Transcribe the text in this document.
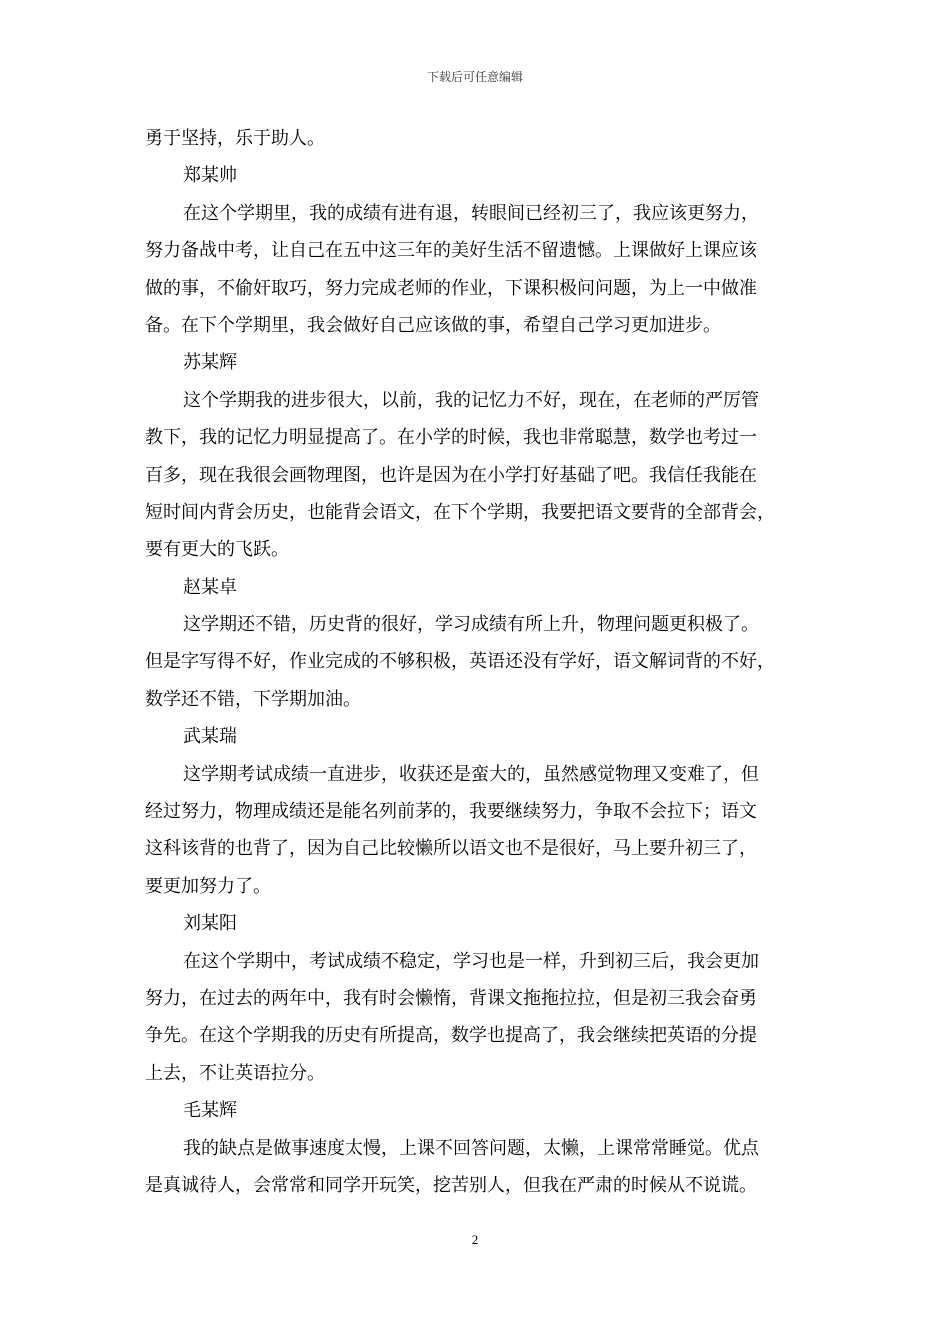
下载后可任意编辑
勇于坚持，乐于助人。
郑某帅
在这个学期里，我的成绩有进有退，转眼间已经初三了，我应该更努力，
努力备战中考，让自己在五中这三年的美好生活不留遗憾。上课做好上课应该
做的事，不偷奸取巧，努力完成老师的作业，下课积极问问题，为上一中做准
备。在下个学期里，我会做好自己应该做的事，希望自己学习更加进步。
苏某辉
这个学期我的进步很大，以前，我的记忆力不好，现在，在老师的严厉管
教下，我的记忆力明显提高了。在小学的时候，我也非常聪慧，数学也考过一
百多，现在我很会画物理图，也许是因为在小学打好基础了吧。我信任我能在
短时间内背会历史，也能背会语文，在下个学期，我要把语文要背的全部背会，
要有更大的飞跃。
赵某卓
这学期还不错，历史背的很好，学习成绩有所上升，物理问题更积极了。
但是字写得不好，作业完成的不够积极，英语还没有学好，语文解词背的不好，
数学还不错，下学期加油。
武某瑞
这学期考试成绩一直进步，收获还是蛮大的，虽然感觉物理又变难了，但
经过努力，物理成绩还是能名列前茅的，我要继续努力，争取不会拉下；语文
这科该背的也背了，因为自己比较懒所以语文也不是很好，马上要升初三了，
要更加努力了。
刘某阳
在这个学期中，考试成绩不稳定，学习也是一样，升到初三后，我会更加
努力，在过去的两年中，我有时会懒惰，背课文拖拖拉拉，但是初三我会奋勇
争先。在这个学期我的历史有所提高，数学也提高了，我会继续把英语的分提
上去，不让英语拉分。
毛某辉
我的缺点是做事速度太慢，上课不回答问题，太懒，上课常常睡觉。优点
是真诚待人，会常常和同学开玩笑，挖苦别人，但我在严肃的时候从不说谎。
2
